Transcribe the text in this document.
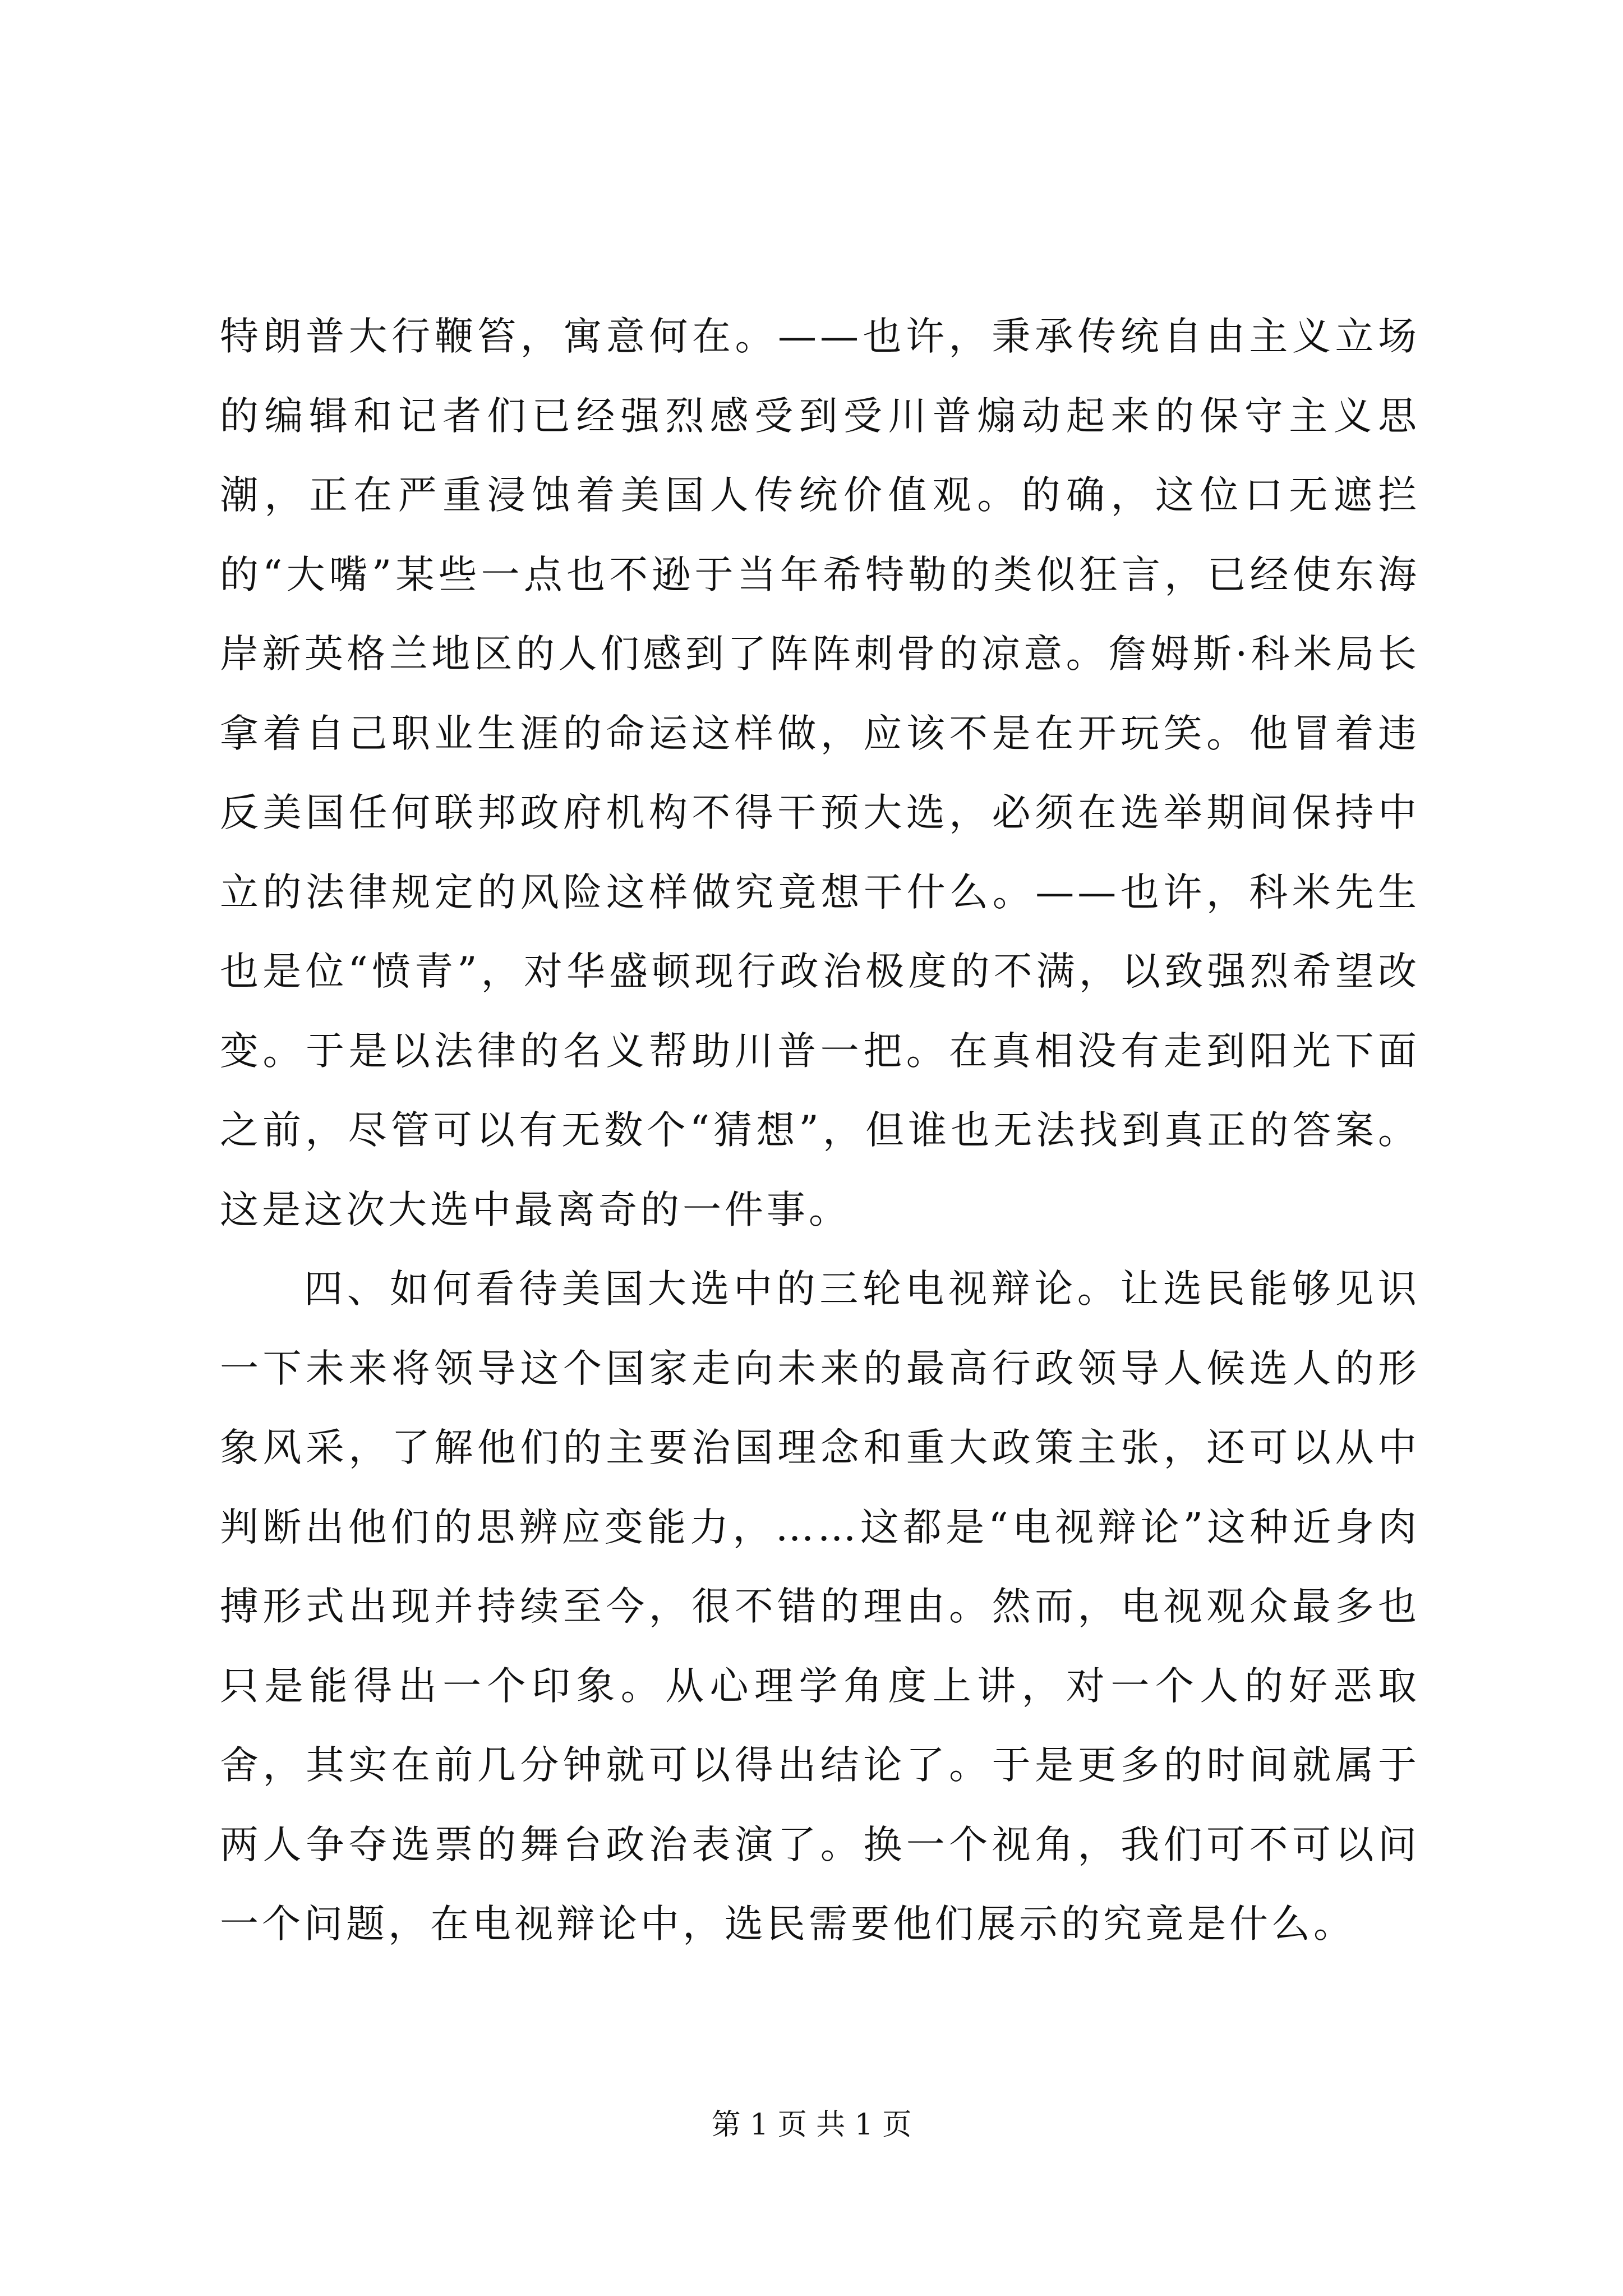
特朗普大行鞭笞，寓意何在。——也许，秉承传统自由主义立场的编辑和记者们已经强烈感受到受川普煽动起来的保守主义思潮，正在严重浸蚀着美国人传统价值观。的确，这位口无遮拦的“大嘴”某些一点也不逊于当年希特勒的类似狂言，已经使东海岸新英格兰地区的人们感到了阵阵刺骨的凉意。詹姆斯·科米局长拿着自己职业生涯的命运这样做，应该不是在开玩笑。他冒着违反美国任何联邦政府机构不得干预大选，必须在选举期间保持中立的法律规定的风险这样做究竟想干什么。——也许，科米先生也是位“愤青”，对华盛顿现行政治极度的不满，以致强烈希望改变。于是以法律的名义帮助川普一把。在真相没有走到阳光下面之前，尽管可以有无数个“猜想”，但谁也无法找到真正的答案。这是这次大选中最离奇的一件事。

四、如何看待美国大选中的三轮电视辩论。让选民能够见识一下未来将领导这个国家走向未来的最高行政领导人候选人的形象风采，了解他们的主要治国理念和重大政策主张，还可以从中判断出他们的思辨应变能力，……这都是“电视辩论”这种近身肉搏形式出现并持续至今，很不错的理由。然而，电视观众最多也只是能得出一个印象。从心理学角度上讲，对一个人的好恶取舍，其实在前几分钟就可以得出结论了。于是更多的时间就属于两人争夺选票的舞台政治表演了。换一个视角，我们可不可以问一个问题，在电视辩论中，选民需要他们展示的究竟是什么。

第 1 页 共 1 页
